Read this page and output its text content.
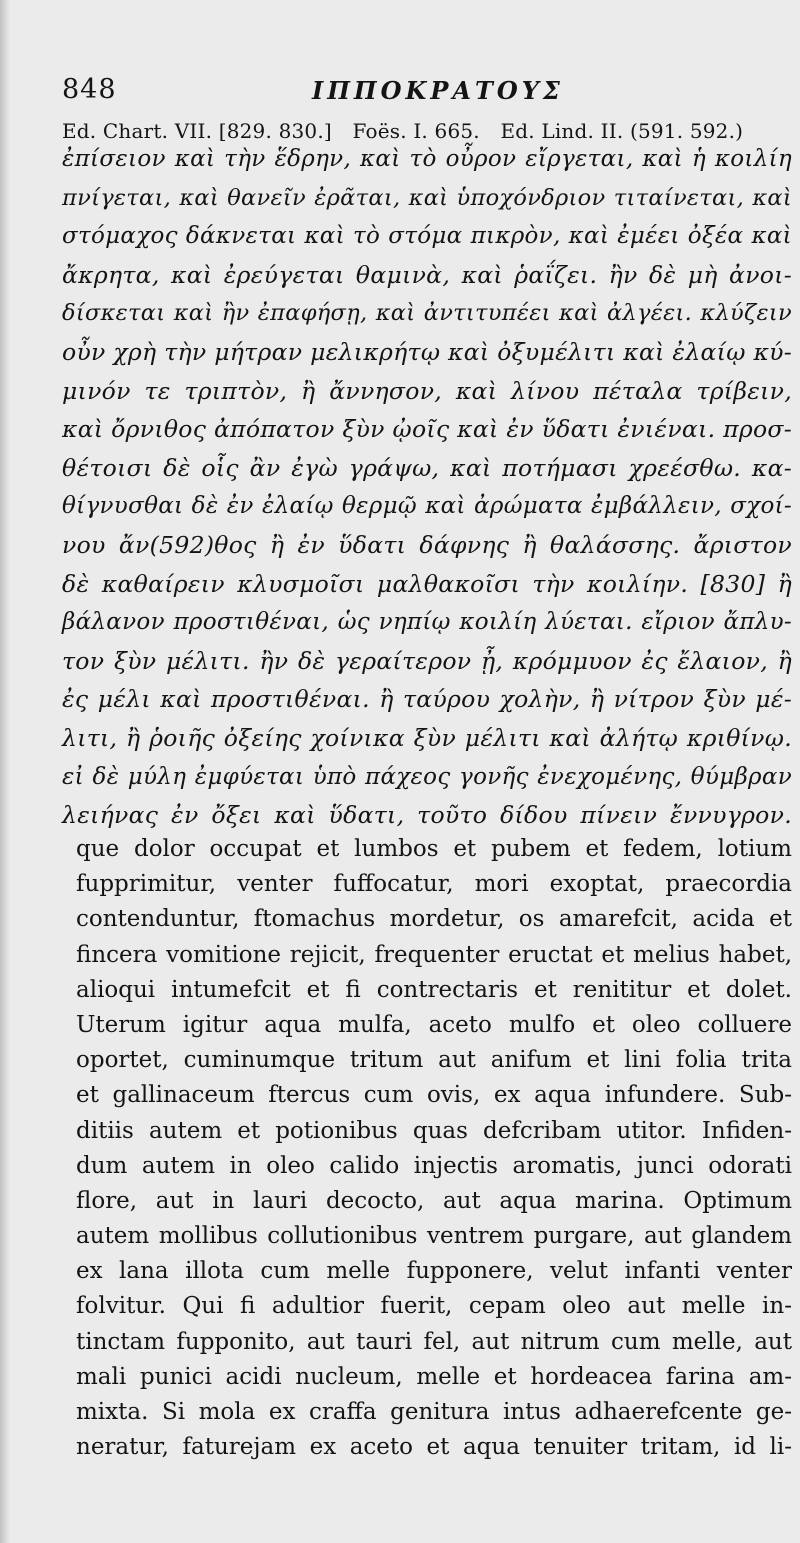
848	ΙΠΠΟΚΡΑΤΟΥΣ
Ed. Chart. VII. [829. 830.] Foës. I. 665. Ed. Lind. II. (591. 592.)
ἐπίσειον καὶ τὴν ἕδρην, καὶ τὸ οὖρον εἴργεται, καὶ ἡ κοιλίη
πνίγεται, καὶ θανεῖν ἐρᾶται, καὶ ὑποχόνδριον τιταίνεται, καὶ
στόμαχος δάκνεται καὶ τὸ στόμα πικρὸν, καὶ ἐμέει ὀξέα καὶ
ἄκρητα, καὶ ἐρεύγεται θαμινὰ, καὶ ῥαΐζει. ἢν δὲ μὴ ἀνοι-
δίσκεται καὶ ἢν ἐπαφήσῃ, καὶ ἀντιτυπέει καὶ ἀλγέει. κλύζειν
οὖν χρὴ τὴν μήτραν μελικρήτῳ καὶ ὀξυμέλιτι καὶ ἐλαίῳ κύ-
μινόν τε τριπτὸν, ἢ ἄννησον, καὶ λίνου πέταλα τρίβειν,
καὶ ὄρνιθος ἀπόπατον ξὺν ᾠοῖς καὶ ἐν ὕδατι ἐνιέναι. προσ-
θέτοισι δὲ οἷς ἂν ἐγὼ γράψω, καὶ ποτήμασι χρεέσθω. κα-
θίγνυσθαι δὲ ἐν ἐλαίῳ θερμῷ καὶ ἀρώματα ἐμβάλλειν, σχοί-
νου ἄν(592)θος ἢ ἐν ὕδατι δάφνης ἢ θαλάσσης. ἄριστον
δὲ καθαίρειν κλυσμοῖσι μαλθακοῖσι τὴν κοιλίην. [830] ἢ
βάλανον προστιθέναι, ὡς νηπίῳ κοιλίη λύεται. εἴριον ἄπλυ-
τον ξὺν μέλιτι. ἢν δὲ γεραίτερον ᾖ, κρόμμυον ἐς ἔλαιον, ἢ
ἐς μέλι καὶ προστιθέναι. ἢ ταύρου χολὴν, ἢ νίτρον ξὺν μέ-
λιτι, ἢ ῥοιῆς ὀξείης χοίνικα ξὺν μέλιτι καὶ ἀλήτῳ κριθίνῳ.
εἰ δὲ μύλη ἐμφύεται ὑπὸ πάχεος γονῆς ἐνεχομένης, θύμβραν
λειήνας ἐν ὄξει καὶ ὕδατι, τοῦτο δίδου πίνειν ἔννυγρον.
que dolor occupat et lumbos et pubem et fedem, lotium
fupprimitur, venter fuffocatur, mori exoptat, praecordia
contenduntur, ftomachus mordetur, os amarefcit, acida et
fincera vomitione rejicit, frequenter eructat et melius habet,
alioqui intumefcit et fi contrectaris et renititur et dolet.
Uterum igitur aqua mulfa, aceto mulfo et oleo colluere
oportet, cuminumque tritum aut anifum et lini folia trita
et gallinaceum ftercus cum ovis, ex aqua infundere. Sub-
ditiis autem et potionibus quas defcribam utitor. Infiden-
dum autem in oleo calido injectis aromatis, junci odorati
flore, aut in lauri decocto, aut aqua marina. Optimum
autem mollibus collutionibus ventrem purgare, aut glandem
ex lana illota cum melle fupponere, velut infanti venter
folvitur. Qui fi adultior fuerit, cepam oleo aut melle in-
tinctam fupponito, aut tauri fel, aut nitrum cum melle, aut
mali punici acidi nucleum, melle et hordeacea farina am-
mixta. Si mola ex craffa genitura intus adhaerefcente ge-
neratur, faturejam ex aceto et aqua tenuiter tritam, id li-
